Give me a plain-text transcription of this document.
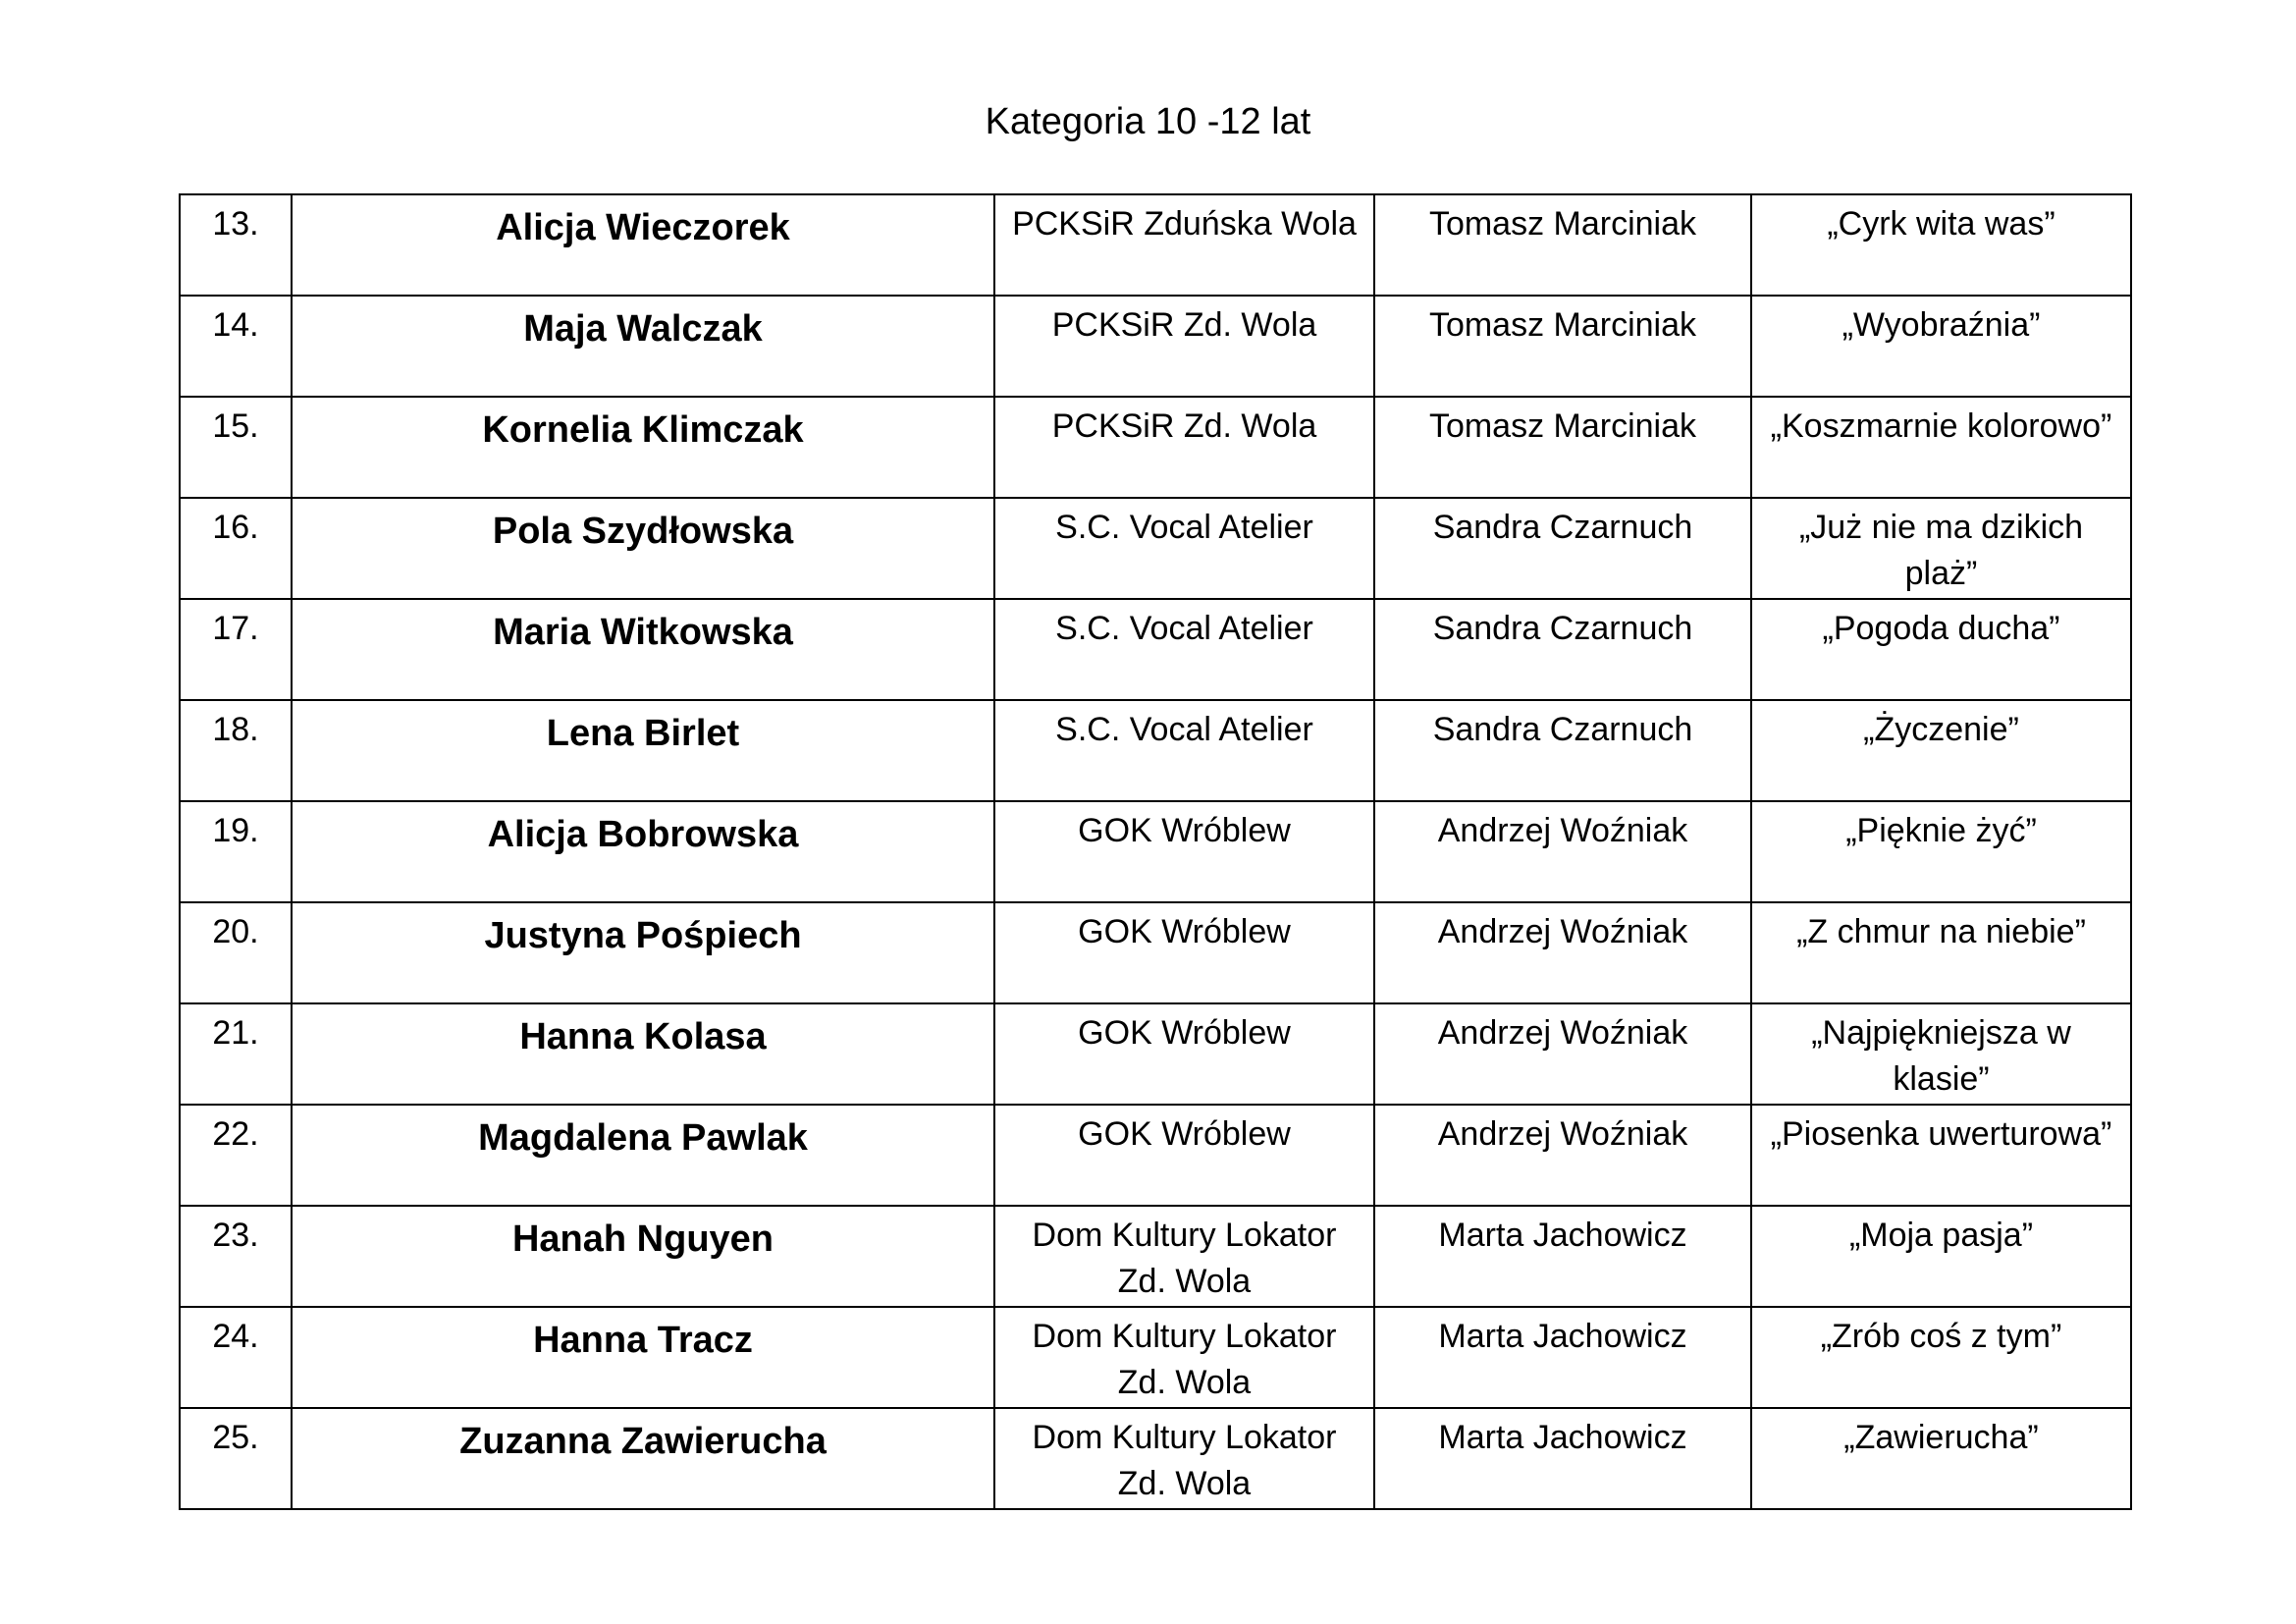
Kategoria 10 -12 lat
13.	Alicja Wieczorek	PCKSiR Zduńska Wola	Tomasz Marciniak	„Cyrk wita was”
14.	Maja Walczak	PCKSiR Zd. Wola	Tomasz Marciniak	„Wyobraźnia”
15.	Kornelia Klimczak	PCKSiR Zd. Wola	Tomasz Marciniak	„Koszmarnie kolorowo”
16.	Pola Szydłowska	S.C. Vocal Atelier	Sandra Czarnuch	„Już nie ma dzikich plaż”
17.	Maria Witkowska	S.C. Vocal Atelier	Sandra Czarnuch	„Pogoda ducha”
18.	Lena Birlet	S.C. Vocal Atelier	Sandra Czarnuch	„Życzenie”
19.	Alicja Bobrowska	GOK Wróblew	Andrzej Woźniak	„Pięknie żyć”
20.	Justyna Pośpiech	GOK Wróblew	Andrzej Woźniak	„Z chmur na niebie”
21.	Hanna Kolasa	GOK Wróblew	Andrzej Woźniak	„Najpiękniejsza w klasie”
22.	Magdalena Pawlak	GOK Wróblew	Andrzej Woźniak	„Piosenka uwerturowa”
23.	Hanah Nguyen	Dom Kultury Lokator Zd. Wola	Marta Jachowicz	„Moja pasja”
24.	Hanna Tracz	Dom Kultury Lokator Zd. Wola	Marta Jachowicz	„Zrób coś z tym”
25.	Zuzanna Zawierucha	Dom Kultury Lokator Zd. Wola	Marta Jachowicz	„Zawierucha”
